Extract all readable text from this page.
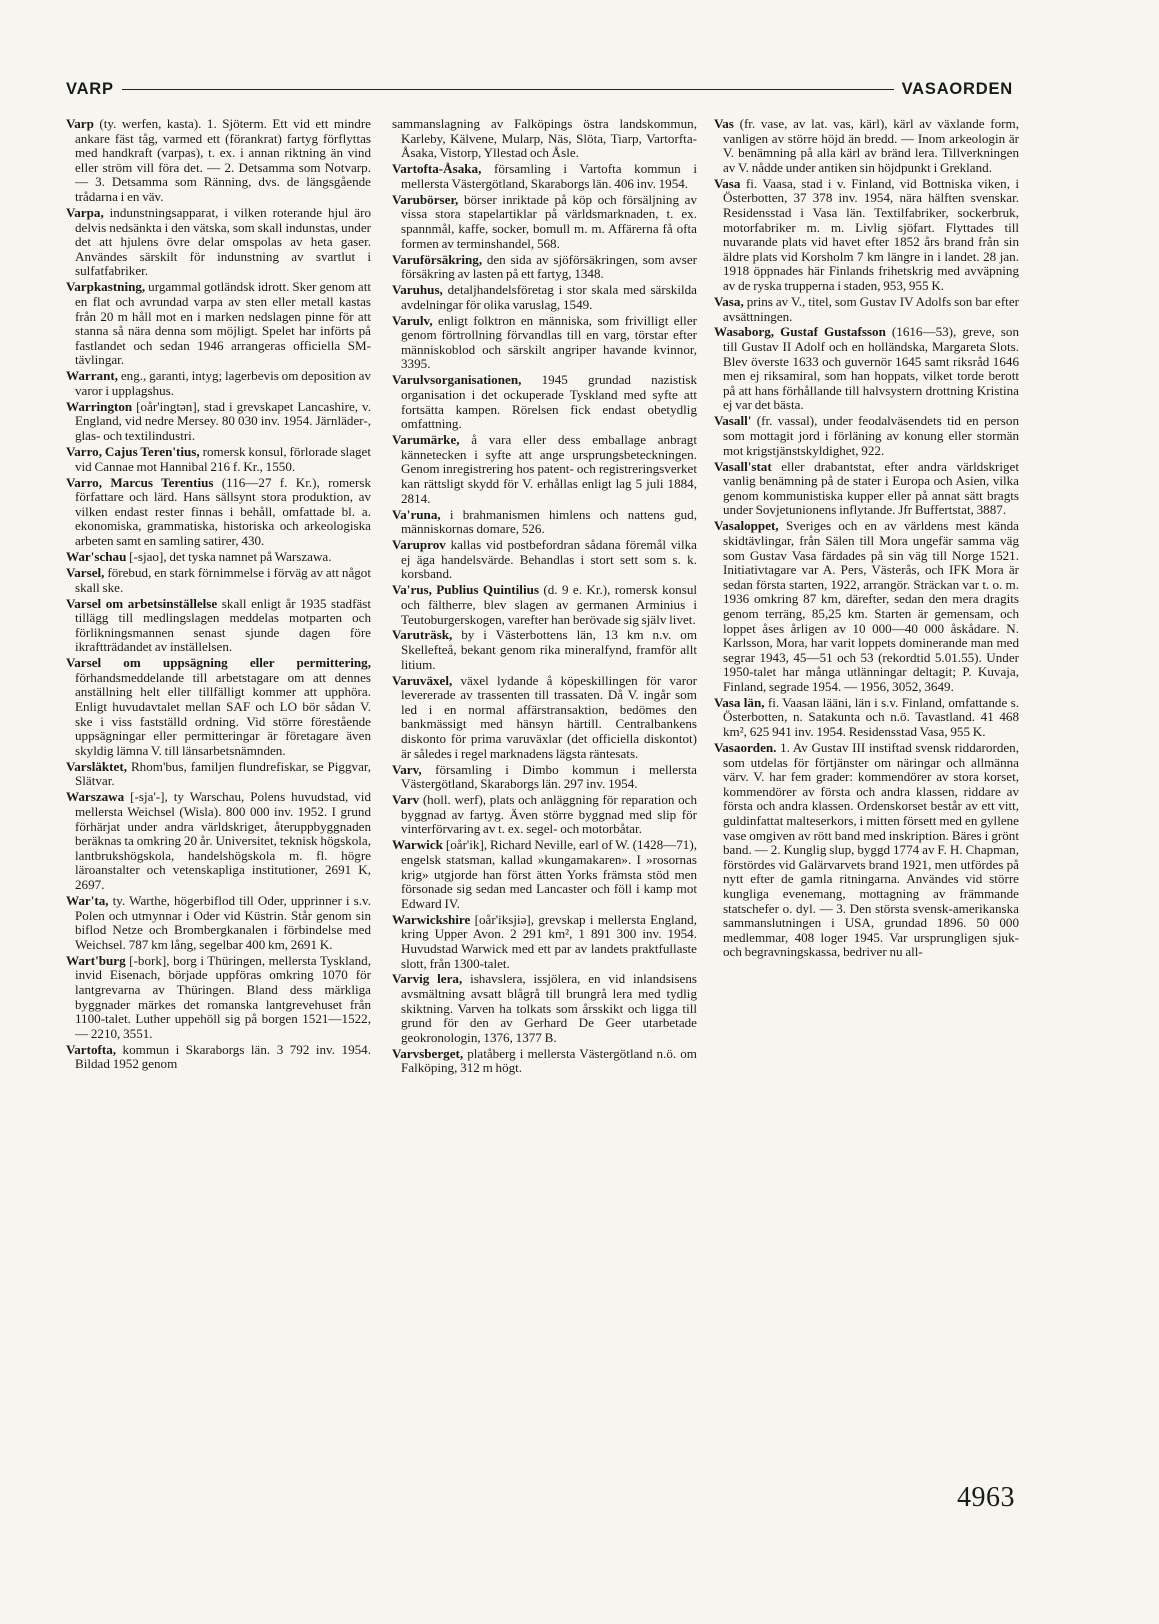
VARP	VASAORDEN

Varp (ty. werfen, kasta). 1. Sjöterm. Ett vid ett mindre ankare fäst tåg, varmed ett (förankrat) fartyg förflyttas med handkraft (varpas), t. ex. i annan riktning än vind eller ström vill föra det. — 2. Detsamma som Notvarp. — 3. Detsamma som Ränning, dvs. de längsgående trådarna i en väv.

Varpa, indunstningsapparat, i vilken roterande hjul äro delvis nedsänkta i den vätska, som skall indunstas, under det att hjulens övre delar omspolas av heta gaser. Användes särskilt för indunstning av svartlut i sulfatfabriker.

Varpkastning, urgammal gotländsk idrott. Sker genom att en flat och avrundad varpa av sten eller metall kastas från 20 m håll mot en i marken nedslagen pinne för att stanna så nära denna som möjligt. Spelet har införts på fastlandet och sedan 1946 arrangeras officiella SM-tävlingar.

Warrant, eng., garanti, intyg; lagerbevis om deposition av varor i upplagshus.

Warrington [oår'ingtən], stad i grevskapet Lancashire, v. England, vid nedre Mersey. 80 030 inv. 1954. Järnläder-, glas- och textilindustri.

Varro, Cajus Teren'tius, romersk konsul, förlorade slaget vid Cannae mot Hannibal 216 f. Kr., 1550.

Varro, Marcus Terentius (116—27 f. Kr.), romersk författare och lärd. Hans sällsynt stora produktion, av vilken endast rester finnas i behåll, omfattade bl. a. ekonomiska, grammatiska, historiska och arkeologiska arbeten samt en samling satirer, 430.

War'schau [-sjao], det tyska namnet på Warszawa.

Varsel, förebud, en stark förnimmelse i förväg av att något skall ske.

Varsel om arbetsinställelse skall enligt år 1935 stadfäst tillägg till medlingslagen meddelas motparten och förlikningsmannen senast sjunde dagen före ikraftträdandet av inställelsen.

Varsel om uppsägning eller permittering, förhandsmeddelande till arbetstagare om att dennes anställning helt eller tillfälligt kommer att upphöra. Enligt huvudavtalet mellan SAF och LO bör sådan V. ske i viss fastställd ordning. Vid större förestående uppsägningar eller permitteringar är företagare även skyldig lämna V. till länsarbetsnämnden.

Varsläktet, Rhom'bus, familjen flundrefiskar, se Piggvar, Slätvar.

Warszawa [-sja'-], ty Warschau, Polens huvudstad, vid mellersta Weichsel (Wisla). 800 000 inv. 1952. I grund förhärjat under andra världskriget, återuppbyggnaden beräknas ta omkring 20 år. Universitet, teknisk högskola, lantbrukshögskola, handelshögskola m. fl. högre läroanstalter och vetenskapliga institutioner, 2691 K, 2697.

War'ta, ty. Warthe, högerbiflod till Oder, upprinner i s.v. Polen och utmynnar i Oder vid Küstrin. Står genom sin biflod Netze och Brombergkanalen i förbindelse med Weichsel. 787 km lång, segelbar 400 km, 2691 K.

Wart'burg [-bork], borg i Thüringen, mellersta Tyskland, invid Eisenach, började uppföras omkring 1070 för lantgrevarna av Thüringen. Bland dess märkliga byggnader märkes det romanska lantgrevehuset från 1100-talet. Luther uppehöll sig på borgen 1521—1522, — 2210, 3551.

Vartofta, kommun i Skaraborgs län. 3 792 inv. 1954. Bildad 1952 genom

sammanslagning av Falköpings östra landskommun, Karleby, Kälvene, Mularp, Näs, Slöta, Tiarp, Vartorfta-Åsaka, Vistorp, Yllestad och Åsle.

Vartofta-Åsaka, församling i Vartofta kommun i mellersta Västergötland, Skaraborgs län. 406 inv. 1954.

Varubörser, börser inriktade på köp och försäljning av vissa stora stapelartiklar på världsmarknaden, t. ex. spannmål, kaffe, socker, bomull m. m. Affärerna få ofta formen av terminshandel, 568.

Varuförsäkring, den sida av sjöförsäkringen, som avser försäkring av lasten på ett fartyg, 1348.

Varuhus, detaljhandelsföretag i stor skala med särskilda avdelningar för olika varuslag, 1549.

Varulv, enligt folktron en människa, som frivilligt eller genom förtrollning förvandlas till en varg, törstar efter människoblod och särskilt angriper havande kvinnor, 3395.

Varulvsorganisationen, 1945 grundad nazistisk organisation i det ockuperade Tyskland med syfte att fortsätta kampen. Rörelsen fick endast obetydlig omfattning.

Varumärke, å vara eller dess emballage anbragt kännetecken i syfte att ange ursprungsbeteckningen. Genom inregistrering hos patent- och registreringsverket kan rättsligt skydd för V. erhållas enligt lag 5 juli 1884, 2814.

Va'runa, i brahmanismen himlens och nattens gud, människornas domare, 526.

Varuprov kallas vid postbefordran sådana föremål vilka ej äga handelsvärde. Behandlas i stort sett som s. k. korsband.

Va'rus, Publius Quintilius (d. 9 e. Kr.), romersk konsul och fältherre, blev slagen av germanen Arminius i Teutoburgerskogen, varefter han berövade sig själv livet.

Varuträsk, by i Västerbottens län, 13 km n.v. om Skellefteå, bekant genom rika mineralfynd, framför allt litium.

Varuväxel, växel lydande å köpeskillingen för varor levererade av trassenten till trassaten. Då V. ingår som led i en normal affärstransaktion, bedömes den bankmässigt med hänsyn härtill. Centralbankens diskonto för prima varuväxlar (det officiella diskontot) är således i regel marknadens lägsta räntesats.

Varv, församling i Dimbo kommun i mellersta Västergötland, Skaraborgs län. 297 inv. 1954.

Varv (holl. werf), plats och anläggning för reparation och byggnad av fartyg. Även större byggnad med slip för vinterförvaring av t. ex. segel- och motorbåtar.

Warwick [oår'ik], Richard Neville, earl of W. (1428—71), engelsk statsman, kallad »kungamakaren». I »rosornas krig» utgjorde han först ätten Yorks främsta stöd men försonade sig sedan med Lancaster och föll i kamp mot Edward IV.

Warwickshire [oår'iksjiə], grevskap i mellersta England, kring Upper Avon. 2 291 km², 1 891 300 inv. 1954. Huvudstad Warwick med ett par av landets praktfullaste slott, från 1300-talet.

Varvig lera, ishavslera, issjölera, en vid inlandsisens avsmältning avsatt blågrå till brungrå lera med tydlig skiktning. Varven ha tolkats som årsskikt och ligga till grund för den av Gerhard De Geer utarbetade geokronologin, 1376, 1377 B.

Varvsberget, platåberg i mellersta Västergötland n.ö. om Falköping, 312 m högt.

Vas (fr. vase, av lat. vas, kärl), kärl av växlande form, vanligen av större höjd än bredd. — Inom arkeologin är V. benämning på alla kärl av bränd lera. Tillverkningen av V. nådde under antiken sin höjdpunkt i Grekland.

Vasa fi. Vaasa, stad i v. Finland, vid Bottniska viken, i Österbotten, 37 378 inv. 1954, nära hälften svenskar. Residensstad i Vasa län. Textilfabriker, sockerbruk, motorfabriker m. m. Livlig sjöfart. Flyttades till nuvarande plats vid havet efter 1852 års brand från sin äldre plats vid Korsholm 7 km längre in i landet. 28 jan. 1918 öppnades här Finlands frihetskrig med avväpning av de ryska trupperna i staden, 953, 955 K.

Vasa, prins av V., titel, som Gustav IV Adolfs son bar efter avsättningen.

Wasaborg, Gustaf Gustafsson (1616—53), greve, son till Gustav II Adolf och en holländska, Margareta Slots. Blev överste 1633 och guvernör 1645 samt riksråd 1646 men ej riksamiral, som han hoppats, vilket torde berott på att hans förhållande till halvsystern drottning Kristina ej var det bästa.

Vasall' (fr. vassal), under feodalväsendets tid en person som mottagit jord i förläning av konung eller stormän mot krigstjänstskyldighet, 922.

Vasall'stat eller drabantstat, efter andra världskriget vanlig benämning på de stater i Europa och Asien, vilka genom kommunistiska kupper eller på annat sätt bragts under Sovjetunionens inflytande. Jfr Buffertstat, 3887.

Vasaloppet, Sveriges och en av världens mest kända skidtävlingar, från Sälen till Mora ungefär samma väg som Gustav Vasa färdades på sin väg till Norge 1521. Initiativtagare var A. Pers, Västerås, och IFK Mora är sedan första starten, 1922, arrangör. Sträckan var t. o. m. 1936 omkring 87 km, därefter, sedan den mera dragits genom terräng, 85,25 km. Starten är gemensam, och loppet åses årligen av 10 000—40 000 åskådare. N. Karlsson, Mora, har varit loppets dominerande man med segrar 1943, 45—51 och 53 (rekordtid 5.01.55). Under 1950-talet har många utlänningar deltagit; P. Kuvaja, Finland, segrade 1954. — 1956, 3052, 3649.

Vasa län, fi. Vaasan lääni, län i s.v. Finland, omfattande s. Österbotten, n. Satakunta och n.ö. Tavastland. 41 468 km², 625 941 inv. 1954. Residensstad Vasa, 955 K.

Vasaorden. 1. Av Gustav III instiftad svensk riddarorden, som utdelas för förtjänster om näringar och allmänna värv. V. har fem grader: kommendörer av stora korset, kommendörer av första och andra klassen, riddare av första och andra klassen. Ordenskorset består av ett vitt, guldinfattat malteserkors, i mitten försett med en gyllene vase omgiven av rött band med inskription. Bäres i grönt band. — 2. Kunglig slup, byggd 1774 av F. H. Chapman, förstördes vid Galärvarvets brand 1921, men utfördes på nytt efter de gamla ritningarna. Användes vid större kungliga evenemang, mottagning av främmande statschefer o. dyl. — 3. Den största svensk-amerikanska sammanslutningen i USA, grundad 1896. 50 000 medlemmar, 408 loger 1945. Var ursprungligen sjuk- och begravningskassa, bedriver nu all-

4963
